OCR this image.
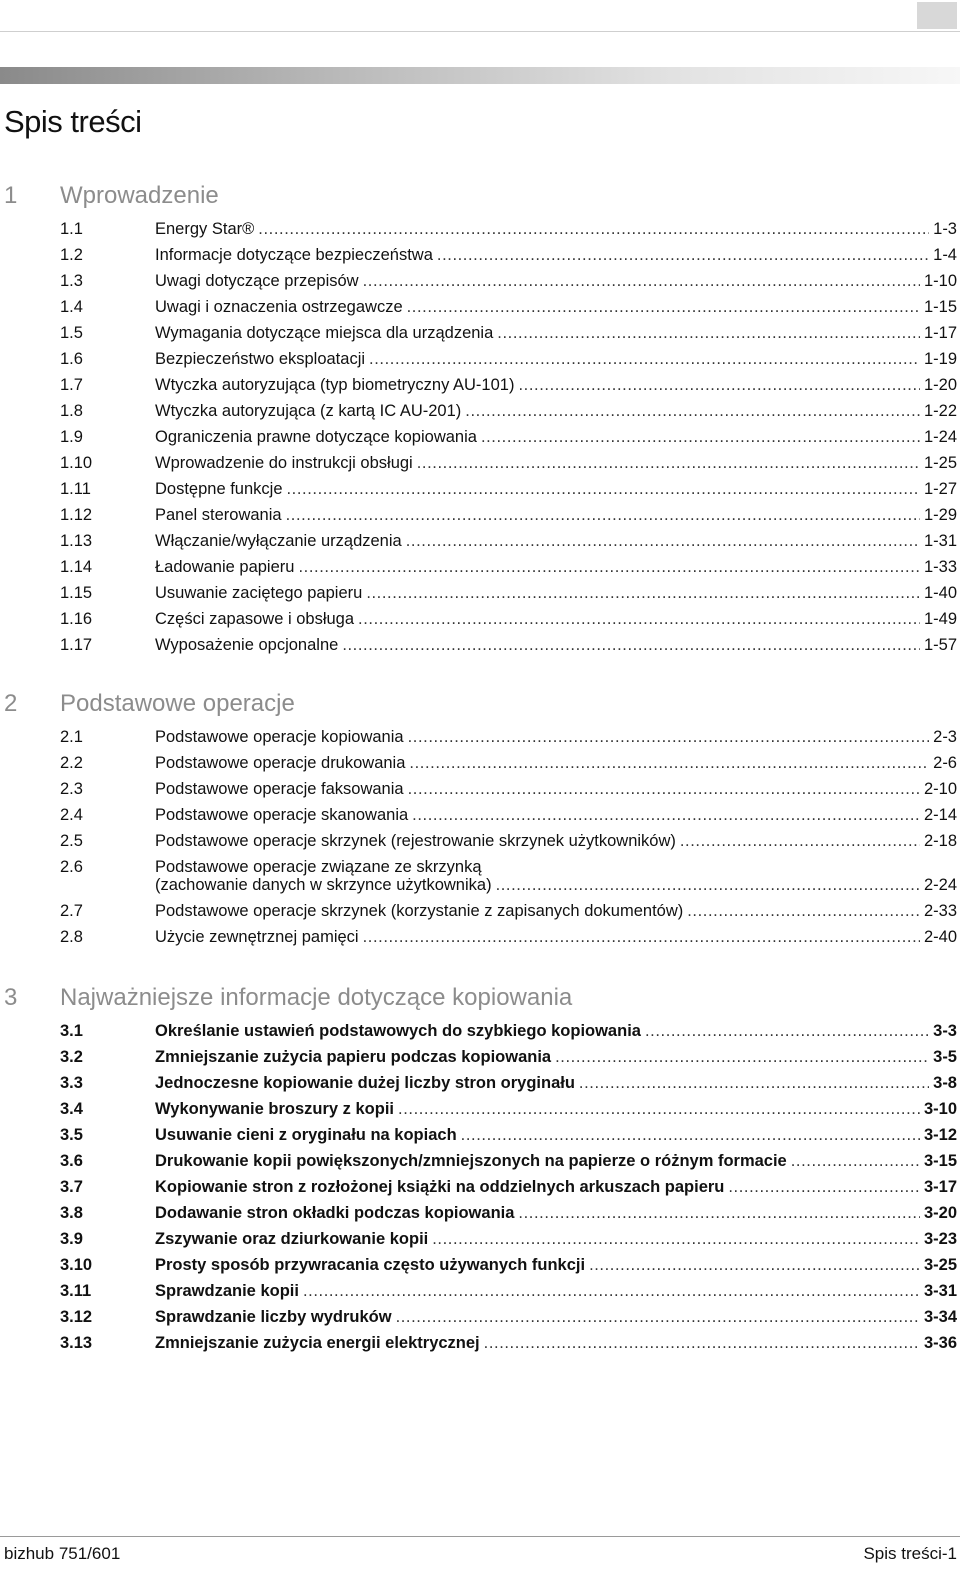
Spis treści
1 Wprowadzenie
1.1	Energy Star® .....	1-3
1.2	Informacje dotyczące bezpieczeństwa .....	1-4
1.3	Uwagi dotyczące przepisów .....	1-10
1.4	Uwagi i oznaczenia ostrzegawcze .....	1-15
1.5	Wymagania dotyczące miejsca dla urządzenia .....	1-17
1.6	Bezpieczeństwo eksploatacji .....	1-19
1.7	Wtyczka autoryzująca (typ biometryczny AU-101) .....	1-20
1.8	Wtyczka autoryzująca (z kartą IC AU-201) .....	1-22
1.9	Ograniczenia prawne dotyczące kopiowania .....	1-24
1.10	Wprowadzenie do instrukcji obsługi .....	1-25
1.11	Dostępne funkcje .....	1-27
1.12	Panel sterowania .....	1-29
1.13	Włączanie/wyłączanie urządzenia .....	1-31
1.14	Ładowanie papieru .....	1-33
1.15	Usuwanie zaciętego papieru .....	1-40
1.16	Części zapasowe i obsługa .....	1-49
1.17	Wyposażenie opcjonalne .....	1-57
2 Podstawowe operacje
2.1	Podstawowe operacje kopiowania .....	2-3
2.2	Podstawowe operacje drukowania .....	2-6
2.3	Podstawowe operacje faksowania .....	2-10
2.4	Podstawowe operacje skanowania .....	2-14
2.5	Podstawowe operacje skrzynek (rejestrowanie skrzynek użytkowników) .....	2-18
2.6	Podstawowe operacje związane ze skrzynką
(zachowanie danych w skrzynce użytkownika) .....	2-24
2.7	Podstawowe operacje skrzynek (korzystanie z zapisanych dokumentów) .....	2-33
2.8	Użycie zewnętrznej pamięci .....	2-40
3 Najważniejsze informacje dotyczące kopiowania
3.1	Określanie ustawień podstawowych do szybkiego kopiowania .....	3-3
3.2	Zmniejszanie zużycia papieru podczas kopiowania .....	3-5
3.3	Jednoczesne kopiowanie dużej liczby stron oryginału .....	3-8
3.4	Wykonywanie broszury z kopii .....	3-10
3.5	Usuwanie cieni z oryginału na kopiach .....	3-12
3.6	Drukowanie kopii powiększonych/zmniejszonych na papierze o różnym formacie .....	3-15
3.7	Kopiowanie stron z rozłożonej książki na oddzielnych arkuszach papieru .....	3-17
3.8	Dodawanie stron okładki podczas kopiowania .....	3-20
3.9	Zszywanie oraz dziurkowanie kopii .....	3-23
3.10	Prosty sposób przywracania często używanych funkcji .....	3-25
3.11	Sprawdzanie kopii .....	3-31
3.12	Sprawdzanie liczby wydruków .....	3-34
3.13	Zmniejszanie zużycia energii elektrycznej .....	3-36
bizhub 751/601	Spis treści-1
